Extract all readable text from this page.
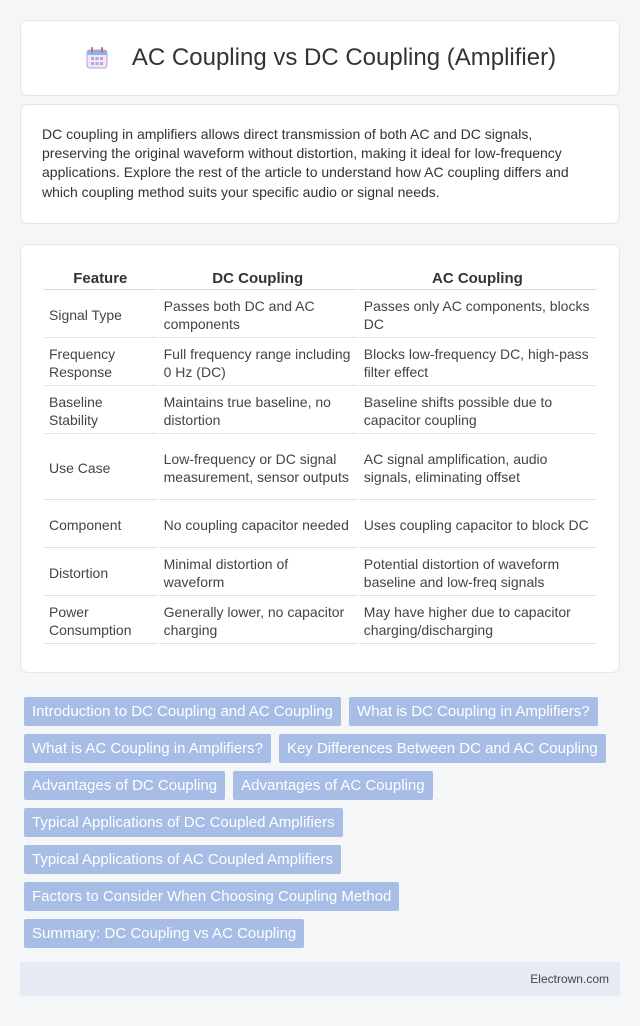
AC Coupling vs DC Coupling (Amplifier)

DC coupling in amplifiers allows direct transmission of both AC and DC signals, preserving the original waveform without distortion, making it ideal for low-frequency applications. Explore the rest of the article to understand how AC coupling differs and which coupling method suits your specific audio or signal needs.

Feature	DC Coupling	AC Coupling
Signal Type	Passes both DC and AC components	Passes only AC components, blocks DC
Frequency Response	Full frequency range including 0 Hz (DC)	Blocks low-frequency DC, high-pass filter effect
Baseline Stability	Maintains true baseline, no distortion	Baseline shifts possible due to capacitor coupling
Use Case	Low-frequency or DC signal measurement, sensor outputs	AC signal amplification, audio signals, eliminating offset
Component	No coupling capacitor needed	Uses coupling capacitor to block DC
Distortion	Minimal distortion of waveform	Potential distortion of waveform baseline and low-freq signals
Power Consumption	Generally lower, no capacitor charging	May have higher due to capacitor charging/discharging
Introduction to DC Coupling and AC Coupling	What is DC Coupling in Amplifiers?
What is AC Coupling in Amplifiers?	Key Differences Between DC and AC Coupling
Advantages of DC Coupling	Advantages of AC Coupling
Typical Applications of DC Coupled Amplifiers
Typical Applications of AC Coupled Amplifiers
Factors to Consider When Choosing Coupling Method
Summary: DC Coupling vs AC Coupling
Electrown.com
